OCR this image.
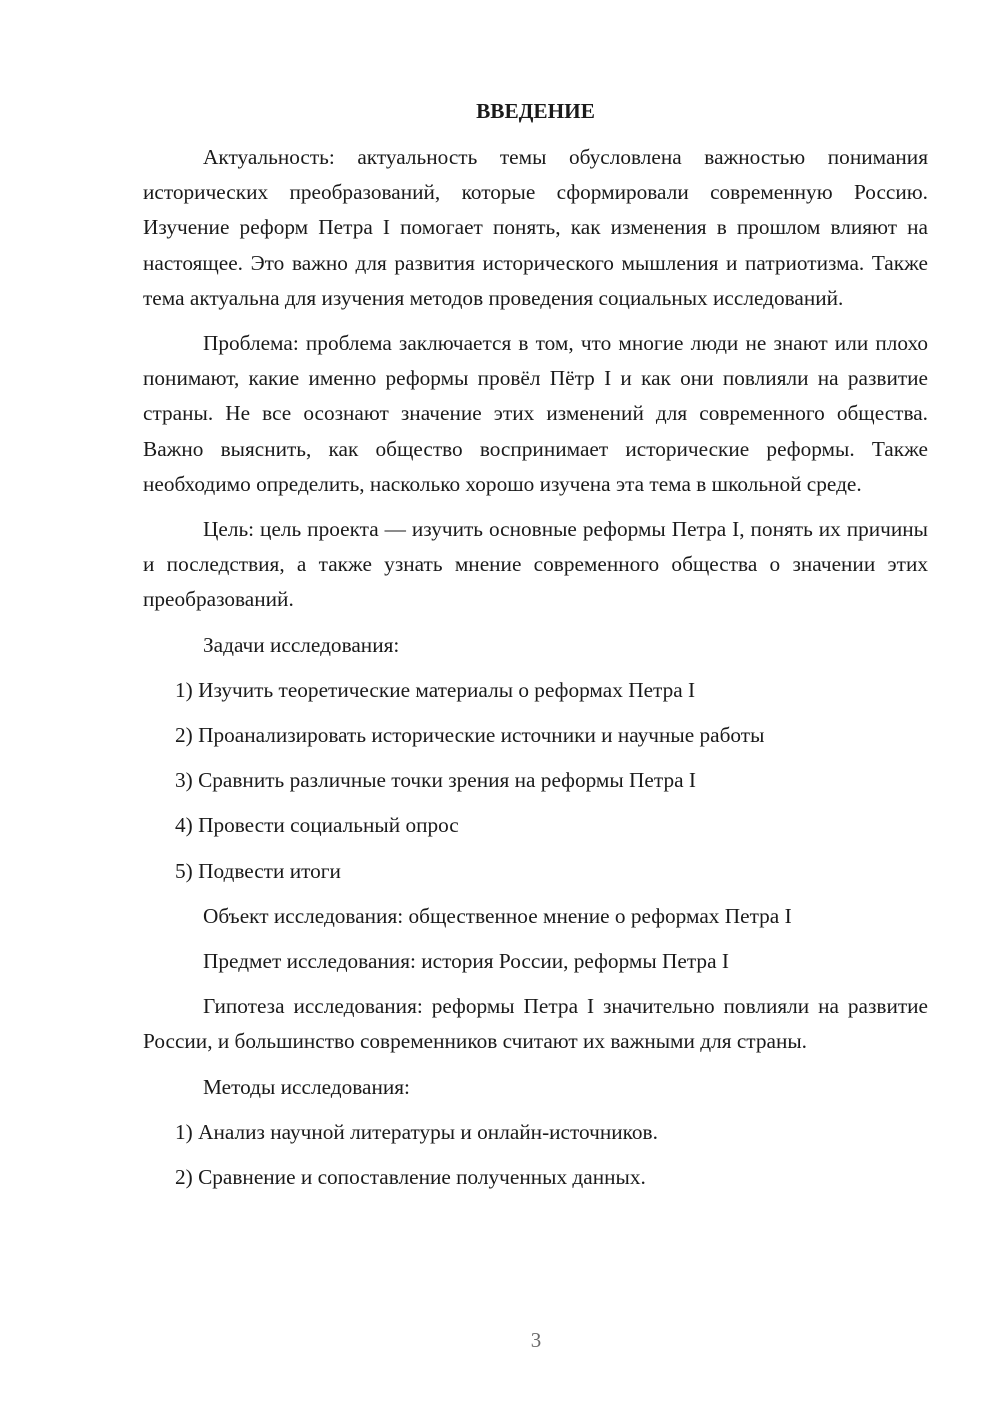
ВВЕДЕНИЕ
Актуальность: актуальность темы обусловлена важностью понимания исторических преобразований, которые сформировали современную Россию. Изучение реформ Петра I помогает понять, как изменения в прошлом влияют на настоящее. Это важно для развития исторического мышления и патриотизма. Также тема актуальна для изучения методов проведения социальных исследований.
Проблема: проблема заключается в том, что многие люди не знают или плохо понимают, какие именно реформы провёл Пётр I и как они повлияли на развитие страны. Не все осознают значение этих изменений для современного общества. Важно выяснить, как общество воспринимает исторические реформы. Также необходимо определить, насколько хорошо изучена эта тема в школьной среде.
Цель: цель проекта — изучить основные реформы Петра I, понять их причины и последствия, а также узнать мнение современного общества о значении этих преобразований.
Задачи исследования:
1) Изучить теоретические материалы о реформах Петра I
2) Проанализировать исторические источники и научные работы
3) Сравнить различные точки зрения на реформы Петра I
4) Провести социальный опрос
5) Подвести итоги
Объект исследования: общественное мнение о реформах Петра I
Предмет исследования: история России, реформы Петра I
Гипотеза исследования: реформы Петра I значительно повлияли на развитие России, и большинство современников считают их важными для страны.
Методы исследования:
1) Анализ научной литературы и онлайн-источников.
2) Сравнение и сопоставление полученных данных.
3
